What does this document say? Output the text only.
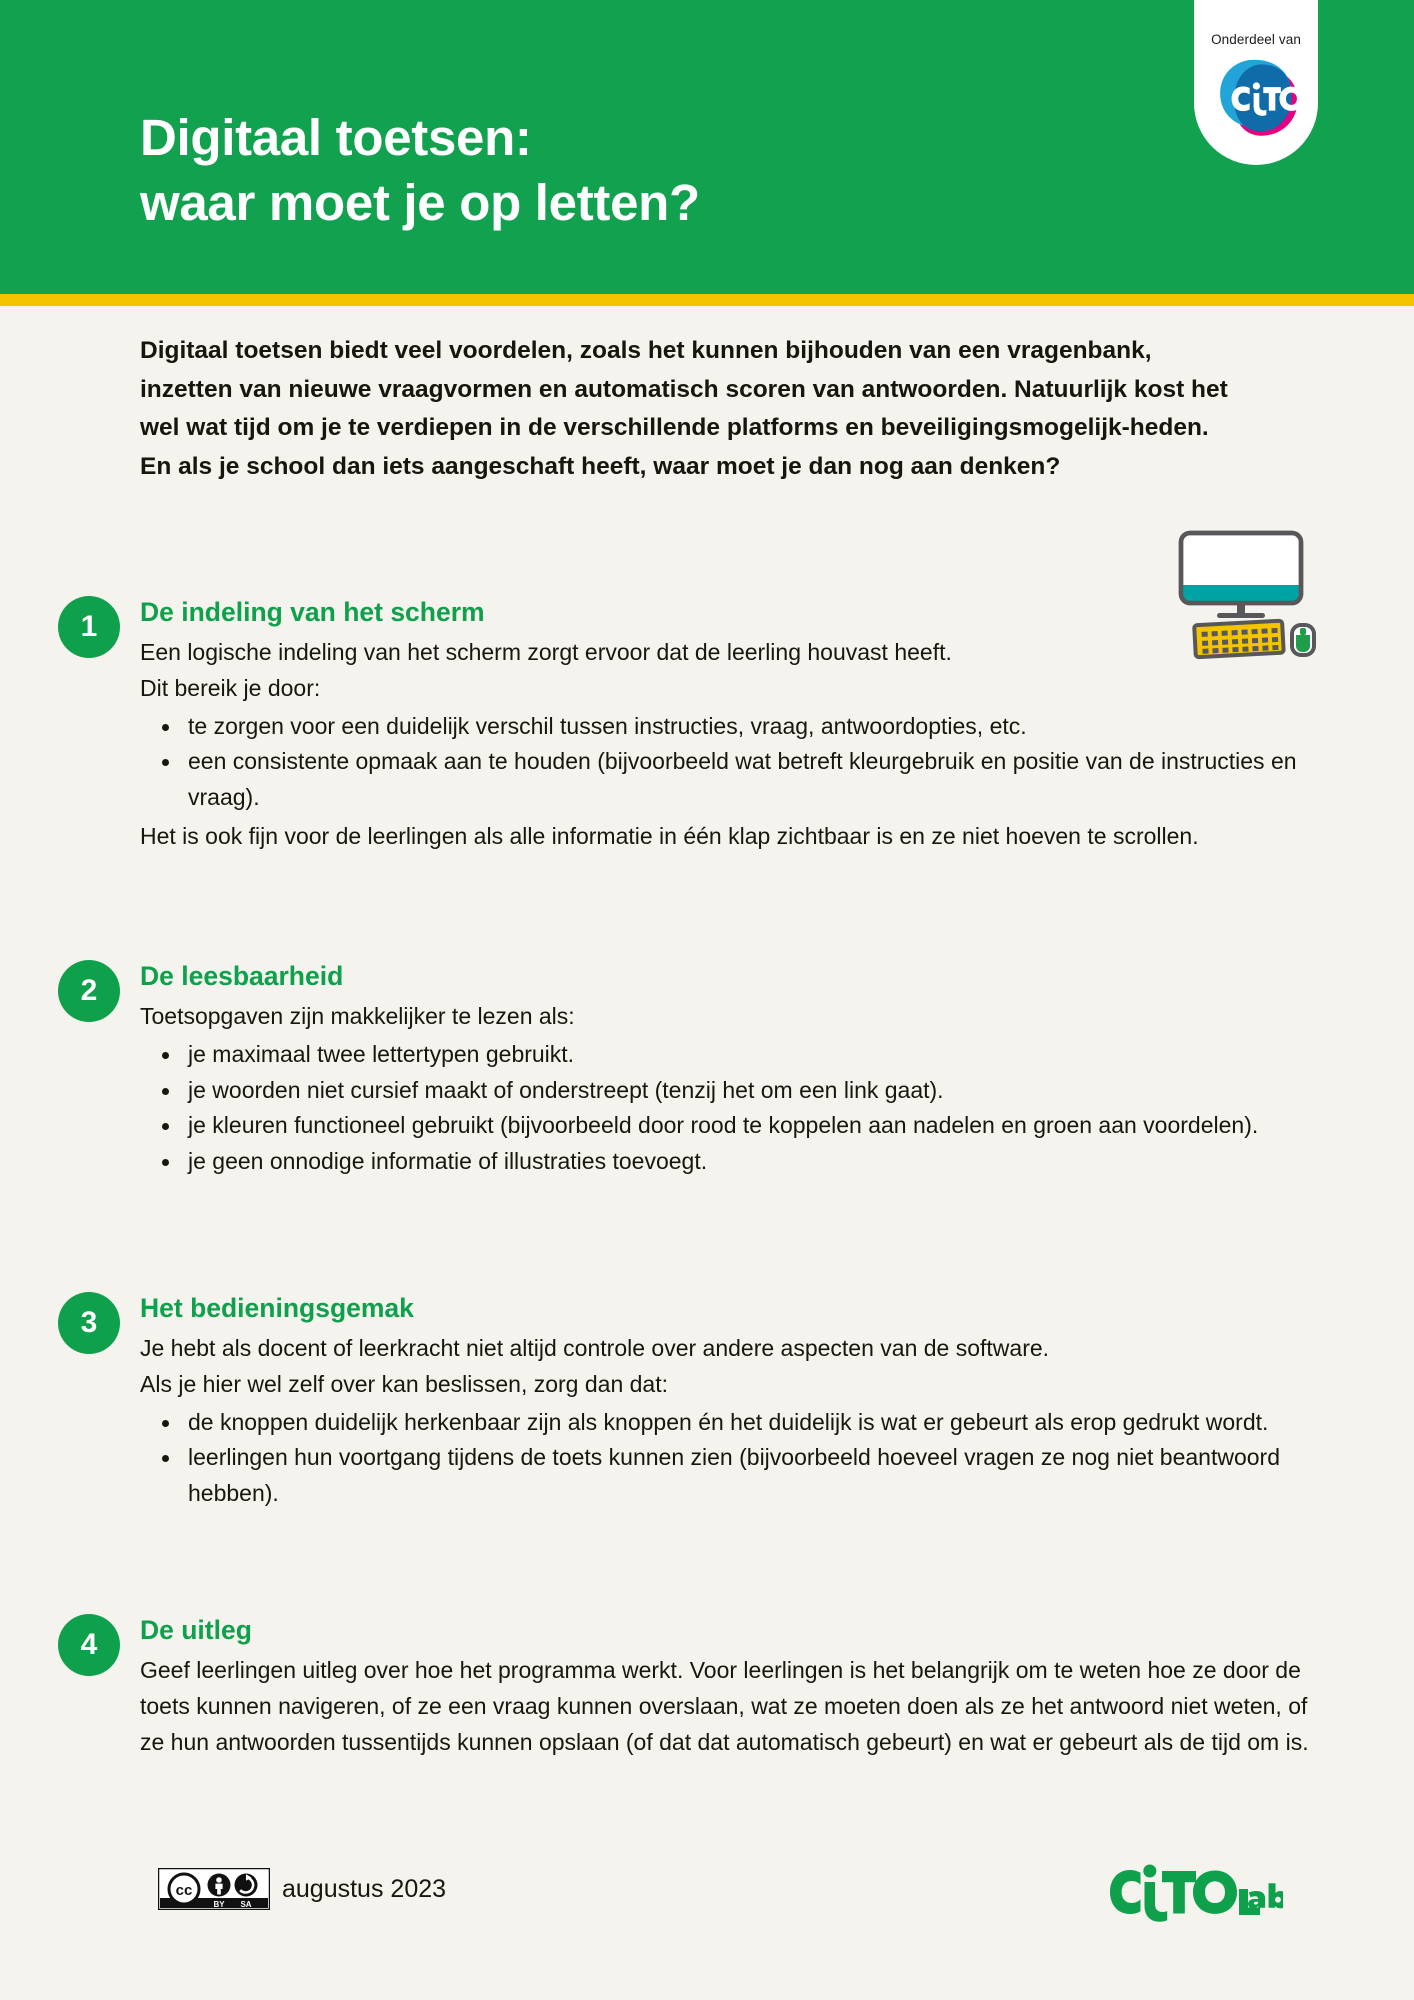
Digitaal toetsen:
waar moet je op letten?
Onderdeel van

Digitaal toetsen biedt veel voordelen, zoals het kunnen bijhouden van een vragenbank, inzetten van nieuwe vraagvormen en automatisch scoren van antwoorden. Natuurlijk kost het wel wat tijd om je te verdiepen in de verschillende platforms en beveiligingsmogelijk-heden. En als je school dan iets aangeschaft heeft, waar moet je dan nog aan denken?

1	De indeling van het scherm

Een logische indeling van het scherm zorgt ervoor dat de leerling houvast heeft.

Dit bereik je door:

te zorgen voor een duidelijk verschil tussen instructies, vraag, antwoordopties, etc.
een consistente opmaak aan te houden (bijvoorbeeld wat betreft kleurgebruik en positie van de instructies en vraag).

Het is ook fijn voor de leerlingen als alle informatie in één klap zichtbaar is en ze niet hoeven te scrollen.

2	De leesbaarheid

Toetsopgaven zijn makkelijker te lezen als:

je maximaal twee lettertypen gebruikt.
je woorden niet cursief maakt of onderstreept (tenzij het om een link gaat).
je kleuren functioneel gebruikt (bijvoorbeeld door rood te koppelen aan nadelen en groen aan voordelen).
je geen onnodige informatie of illustraties toevoegt.
3	Het bedieningsgemak

Je hebt als docent of leerkracht niet altijd controle over andere aspecten van de software.

Als je hier wel zelf over kan beslissen, zorg dan dat:

de knoppen duidelijk herkenbaar zijn als knoppen én het duidelijk is wat er gebeurt als erop gedrukt wordt.
leerlingen hun voortgang tijdens de toets kunnen zien (bijvoorbeeld hoeveel vragen ze nog niet beantwoord hebben).
4	De uitleg

Geef leerlingen uitleg over hoe het programma werkt. Voor leerlingen is het belangrijk om te weten hoe ze door de toets kunnen navigeren, of ze een vraag kunnen overslaan, wat ze moeten doen als ze het antwoord niet weten, of ze hun antwoorden tussentijds kunnen opslaan (of dat dat automatisch gebeurt) en wat er gebeurt als de tijd om is.

cc
BY SA
augustus 2023
